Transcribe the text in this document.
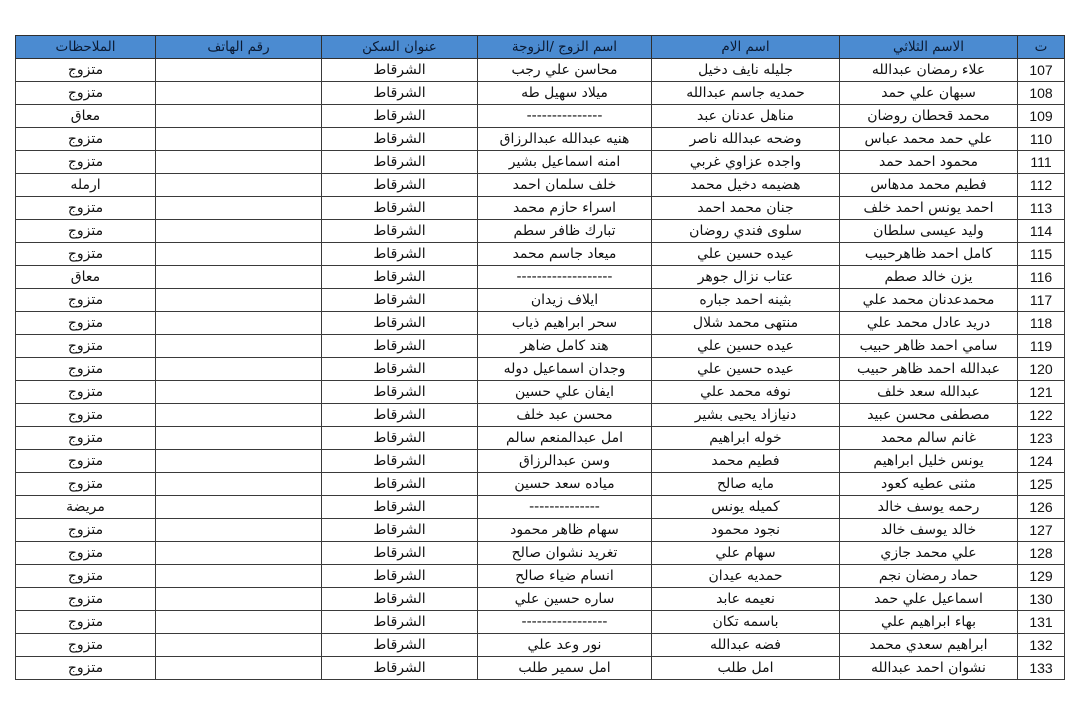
ت	الاسم الثلاثي	اسم الام	اسم الزوج /الزوجة	عنوان السكن	رقم الهاتف	الملاحظات
107	علاء رمضان عبدالله	جليله نايف دخيل	محاسن علي رجب	الشرقاط		متزوج
108	سبهان علي حمد	حمديه جاسم عبدالله	ميلاد سهيل طه	الشرقاط		متزوج
109	محمد قحطان روضان	مناهل عدنان عبد	---------------	الشرقاط		معاق
110	علي حمد محمد عباس	وضحه عبدالله ناصر	هنيه عبدالله عبدالرزاق	الشرقاط		متزوج
111	محمود احمد حمد	واجده عزاوي غربي	امنه اسماعيل بشير	الشرقاط		متزوج
112	فطيم محمد مدهاس	هضيمه دخيل محمد	خلف سلمان احمد	الشرقاط		ارمله
113	احمد يونس احمد خلف	جنان محمد احمد	اسراء حازم محمد	الشرقاط		متزوج
114	وليد عيسى سلطان	سلوى فندي روضان	تبارك ظافر سطم	الشرقاط		متزوج
115	كامل احمد ظاهرحبيب	عيده حسين علي	ميعاد جاسم محمد	الشرقاط		متزوج
116	يزن خالد صطم	عتاب نزال جوهر	-------------------	الشرقاط		معاق
117	محمدعدنان محمد علي	بثينه احمد جباره	ايلاف زيدان	الشرقاط		متزوج
118	دريد عادل محمد علي	منتهى محمد شلال	سحر ابراهيم ذياب	الشرقاط		متزوج
119	سامي احمد ظاهر حبيب	عيده حسين علي	هند كامل ضاهر	الشرقاط		متزوج
120	عبدالله احمد ظاهر حبيب	عيده حسين علي	وجدان اسماعيل دوله	الشرقاط		متزوج
121	عبدالله سعد خلف	نوفه محمد علي	ايفان علي حسين	الشرقاط		متزوج
122	مصطفى محسن عبيد	دنيازاد يحيى بشير	محسن عبد خلف	الشرقاط		متزوج
123	غانم سالم محمد	خوله ابراهيم	امل عبدالمنعم سالم	الشرقاط		متزوج
124	يونس خليل ابراهيم	فطيم محمد	وسن عبدالرزاق	الشرقاط		متزوج
125	مثنى عطيه كعود	مايه صالح	مياده سعد حسين	الشرقاط		متزوج
126	رحمه يوسف خالد	كميله يونس	--------------	الشرقاط		مريضة
127	خالد يوسف خالد	نجود محمود	سهام ظاهر محمود	الشرقاط		متزوج
128	علي محمد جازي	سهام علي	تغريد نشوان صالح	الشرقاط		متزوج
129	حماد رمضان نجم	حمديه عيدان	انسام ضياء صالح	الشرقاط		متزوج
130	اسماعيل علي حمد	نعيمه عابد	ساره حسين علي	الشرقاط		متزوج
131	بهاء ابراهيم علي	باسمه تكان	-----------------	الشرقاط		متزوج
132	ابراهيم سعدي محمد	فضه عبدالله	نور وعد علي	الشرقاط		متزوج
133	نشوان احمد عبدالله	امل طلب	امل سمير طلب	الشرقاط		متزوج
